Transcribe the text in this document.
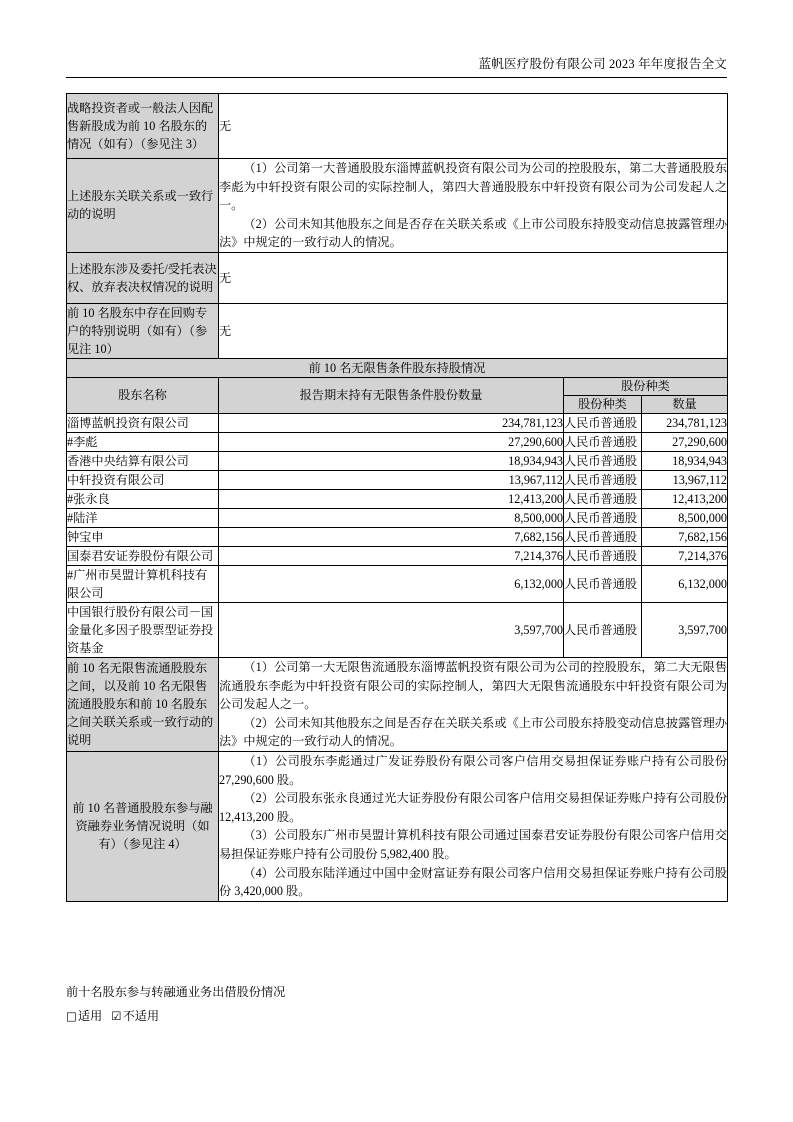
蓝帆医疗股份有限公司 2023 年年度报告全文
战略投资者或一般法人因配售新股成为前 10 名股东的情况（如有）（参见注 3）	无		
上述股东关联关系或一致行动的说明	（1）公司第一大普通股股东淄博蓝帆投资有限公司为公司的控股股东，第二大普通股股东李彪为中轩投资有限公司的实际控制人，第四大普通股股东中轩投资有限公司为公司发起人之一。

（2）公司未知其他股东之间是否存在关联关系或《上市公司股东持股变动信息披露管理办法》中规定的一致行动人的情况。		

上述股东涉及委托/受托表决权、放弃表决权情况的说明	无		
前 10 名股东中存在回购专户的特别说明（如有）（参见注 10）	无		
前 10 名无限售条件股东持股情况			
股东名称	报告期末持有无限售条件股份数量	股份种类	
		股份种类	数量
淄博蓝帆投资有限公司	234,781,123	人民币普通股	234,781,123
#李彪	27,290,600	人民币普通股	27,290,600
香港中央结算有限公司	18,934,943	人民币普通股	18,934,943
中轩投资有限公司	13,967,112	人民币普通股	13,967,112
#张永良	12,413,200	人民币普通股	12,413,200
#陆洋	8,500,000	人民币普通股	8,500,000
钟宝申	7,682,156	人民币普通股	7,682,156
国泰君安证券股份有限公司	7,214,376	人民币普通股	7,214,376
#广州市昊盟计算机科技有限公司	6,132,000	人民币普通股	6,132,000
中国银行股份有限公司－国金量化多因子股票型证券投资基金	3,597,700	人民币普通股	3,597,700
前 10 名无限售流通股股东之间，以及前 10 名无限售流通股股东和前 10 名股东之间关联关系或一致行动的说明	（1）公司第一大无限售流通股东淄博蓝帆投资有限公司为公司的控股股东，第二大无限售流通股东李彪为中轩投资有限公司的实际控制人，第四大无限售流通股东中轩投资有限公司为公司发起人之一。

（2）公司未知其他股东之间是否存在关联关系或《上市公司股东持股变动信息披露管理办法》中规定的一致行动人的情况。		

前 10 名普通股股东参与融资融券业务情况说明（如有）（参见注 4）	（1）公司股东李彪通过广发证券股份有限公司客户信用交易担保证券账户持有公司股份 27,290,600 股。

（2）公司股东张永良通过光大证券股份有限公司客户信用交易担保证券账户持有公司股份 12,413,200 股。

（3）公司股东广州市昊盟计算机科技有限公司通过国泰君安证券股份有限公司客户信用交易担保证券账户持有公司股份 5,982,400 股。

（4）公司股东陆洋通过中国中金财富证券有限公司客户信用交易担保证券账户持有公司股份 3,420,000 股。		

前十名股东参与转融通业务出借股份情况
□适用 ☑不适用
